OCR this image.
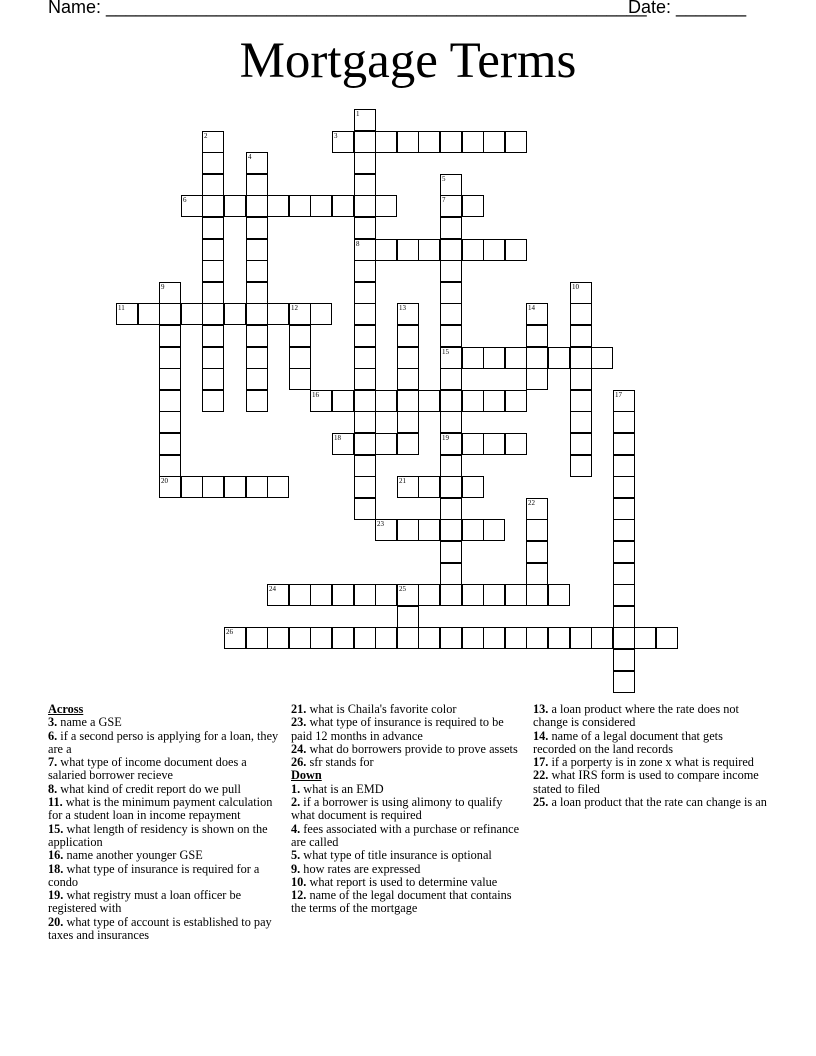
Name: ______________________________________________________
Date: _______
Mortgage Terms
1
8
2	3
4
5
7
15
19
6
9	10
11	12	13	14
16	17
18
20	21
22
23
24	25
26

Across

3. name a GSE

6. if a second perso is applying for a loan, they are a

7. what type of income document does a salaried borrower recieve

8. what kind of credit report do we pull

11. what is the minimum payment calculation for a student loan in income repayment

15. what length of residency is shown on the application

16. name another younger GSE

18. what type of insurance is required for a condo

19. what registry must a loan officer be registered with

20. what type of account is established to pay taxes and insurances

21. what is Chaila's favorite color

23. what type of insurance is required to be paid 12 months in advance

24. what do borrowers provide to prove assets

26. sfr stands for

Down

1. what is an EMD

2. if a borrower is using alimony to qualify what document is required

4. fees associated with a purchase or refinance are called

5. what type of title insurance is optional

9. how rates are expressed

10. what report is used to determine value

12. name of the legal document that contains the terms of the mortgage

13. a loan product where the rate does not change is considered

14. name of a legal document that gets recorded on the land records

17. if a porperty is in zone x what is required

22. what IRS form is used to compare income stated to filed

25. a loan product that the rate can change is an
